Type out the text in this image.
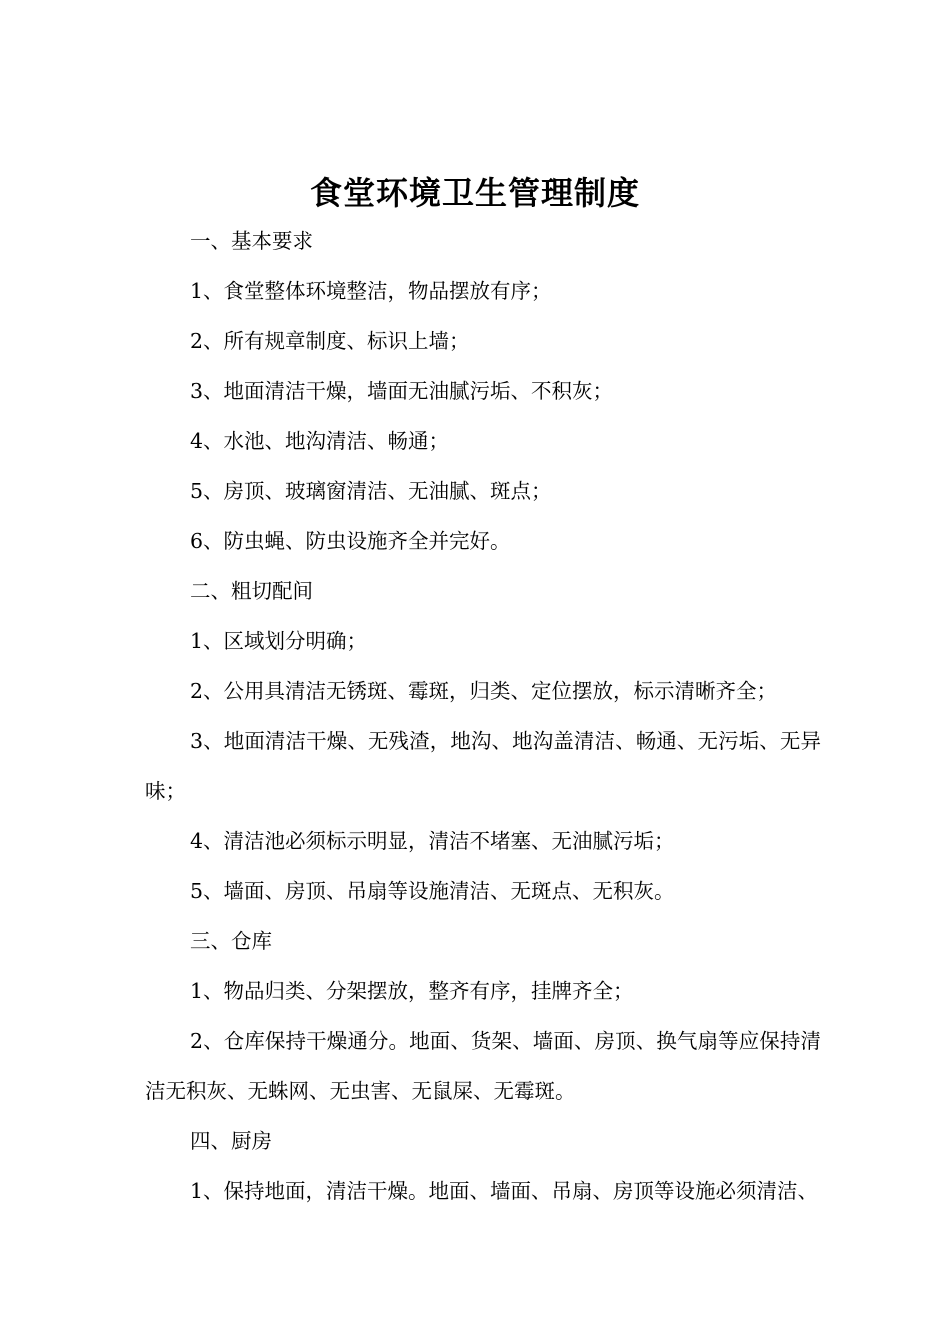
食堂环境卫生管理制度

一、基本要求

1、食堂整体环境整洁，物品摆放有序；

2、所有规章制度、标识上墙；

3、地面清洁干燥，墙面无油腻污垢、不积灰；

4、水池、地沟清洁、畅通；

5、房顶、玻璃窗清洁、无油腻、斑点；

6、防虫蝇、防虫设施齐全并完好。

二、粗切配间

1、区域划分明确；

2、公用具清洁无锈斑、霉斑，归类、定位摆放，标示清晰齐全；

3、地面清洁干燥、无残渣，地沟、地沟盖清洁、畅通、无污垢、无异味；

4、清洁池必须标示明显，清洁不堵塞、无油腻污垢；

5、墙面、房顶、吊扇等设施清洁、无斑点、无积灰。

三、仓库

1、物品归类、分架摆放，整齐有序，挂牌齐全；

2、仓库保持干燥通分。地面、货架、墙面、房顶、换气扇等应保持清洁无积灰、无蛛网、无虫害、无鼠屎、无霉斑。

四、厨房

1、保持地面，清洁干燥。地面、墙面、吊扇、房顶等设施必须清洁、
